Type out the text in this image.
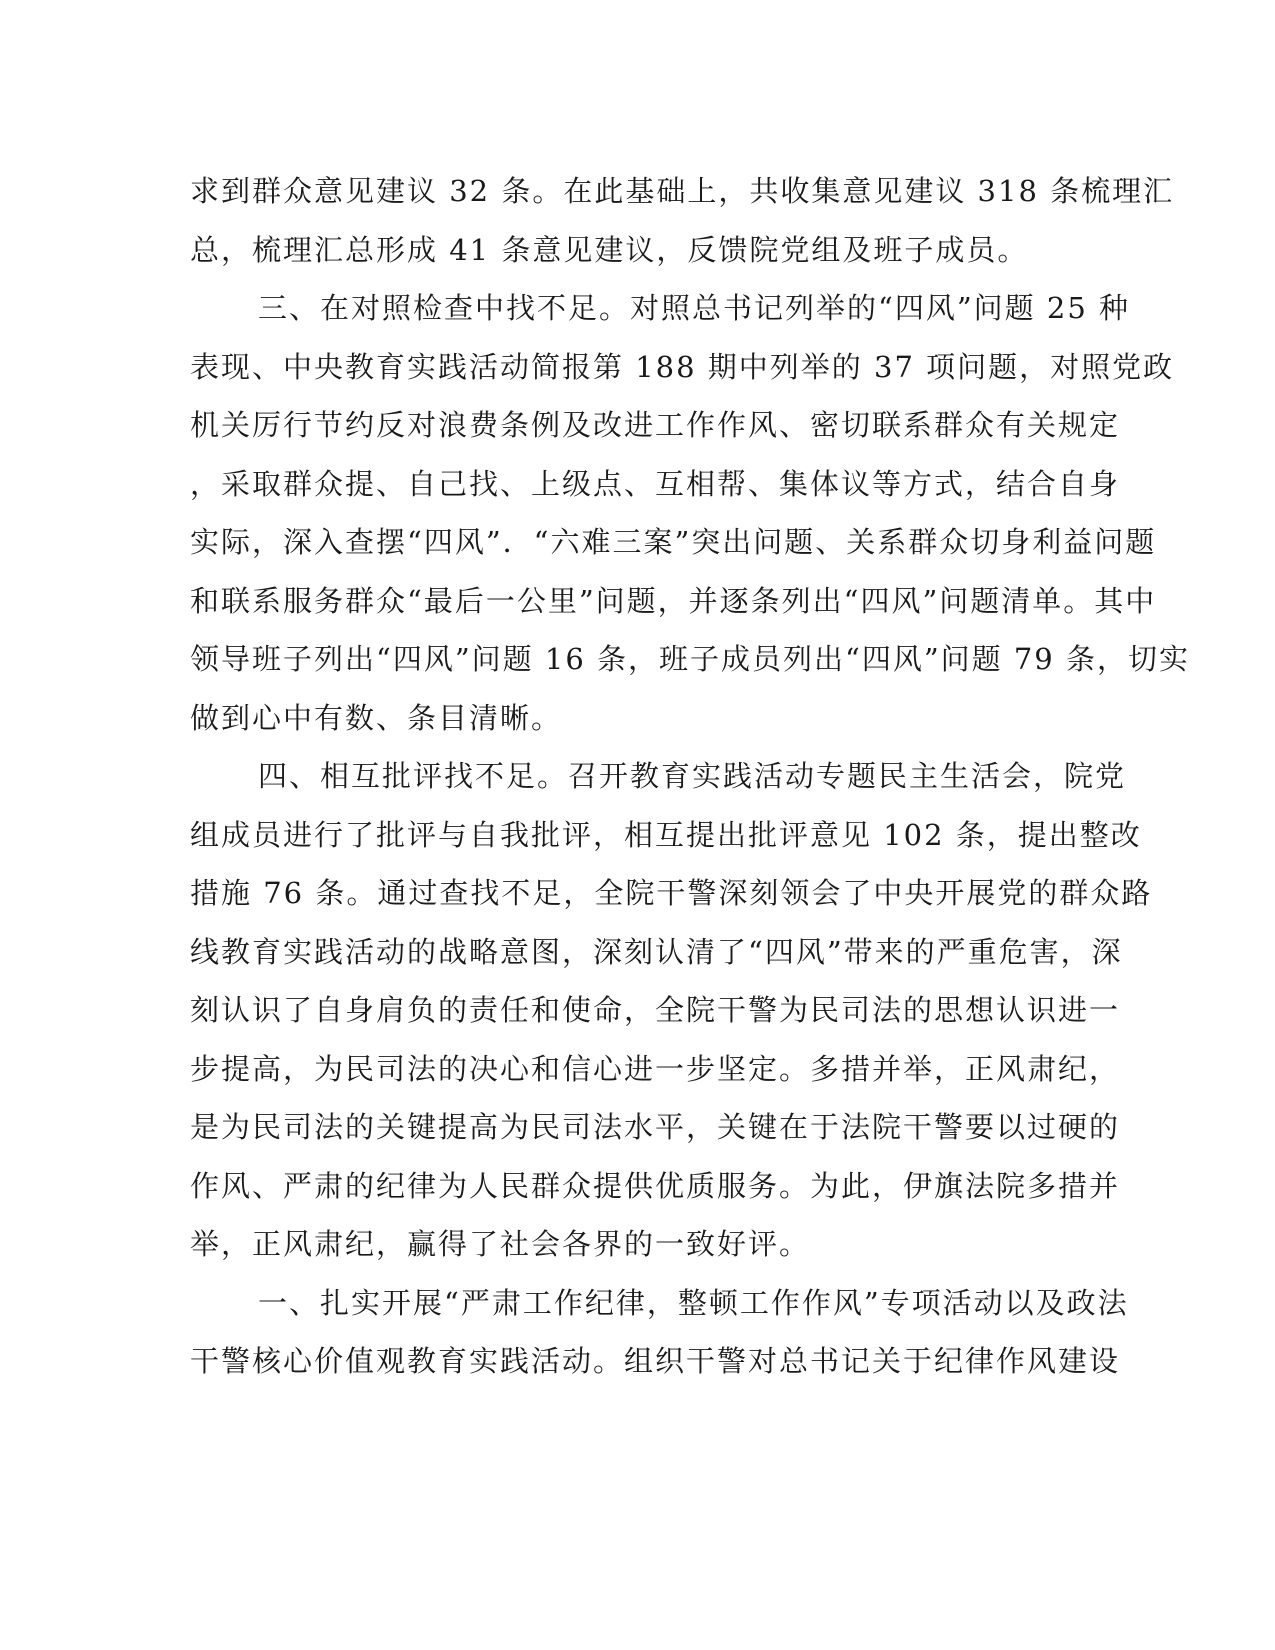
求到群众意见建议 32 条。在此基础上，共收集意见建议 318 条梳理汇
总，梳理汇总形成 41 条意见建议，反馈院党组及班子成员。
三、在对照检查中找不足。对照总书记列举的“四风”问题 25 种
表现、中央教育实践活动简报第 188 期中列举的 37 项问题，对照党政
机关厉行节约反对浪费条例及改进工作作风、密切联系群众有关规定
，采取群众提、自己找、上级点、互相帮、集体议等方式，结合自身
实际，深入查摆“四风”．“六难三案”突出问题、关系群众切身利益问题
和联系服务群众“最后一公里”问题，并逐条列出“四风”问题清单。其中
领导班子列出“四风”问题 16 条，班子成员列出“四风”问题 79 条，切实
做到心中有数、条目清晰。
四、相互批评找不足。召开教育实践活动专题民主生活会，院党
组成员进行了批评与自我批评，相互提出批评意见 102 条，提出整改
措施 76 条。通过查找不足，全院干警深刻领会了中央开展党的群众路
线教育实践活动的战略意图，深刻认清了“四风”带来的严重危害，深
刻认识了自身肩负的责任和使命，全院干警为民司法的思想认识进一
步提高，为民司法的决心和信心进一步坚定。多措并举，正风肃纪，
是为民司法的关键提高为民司法水平，关键在于法院干警要以过硬的
作风、严肃的纪律为人民群众提供优质服务。为此，伊旗法院多措并
举，正风肃纪，赢得了社会各界的一致好评。
一、扎实开展“严肃工作纪律，整顿工作作风”专项活动以及政法
干警核心价值观教育实践活动。组织干警对总书记关于纪律作风建设
